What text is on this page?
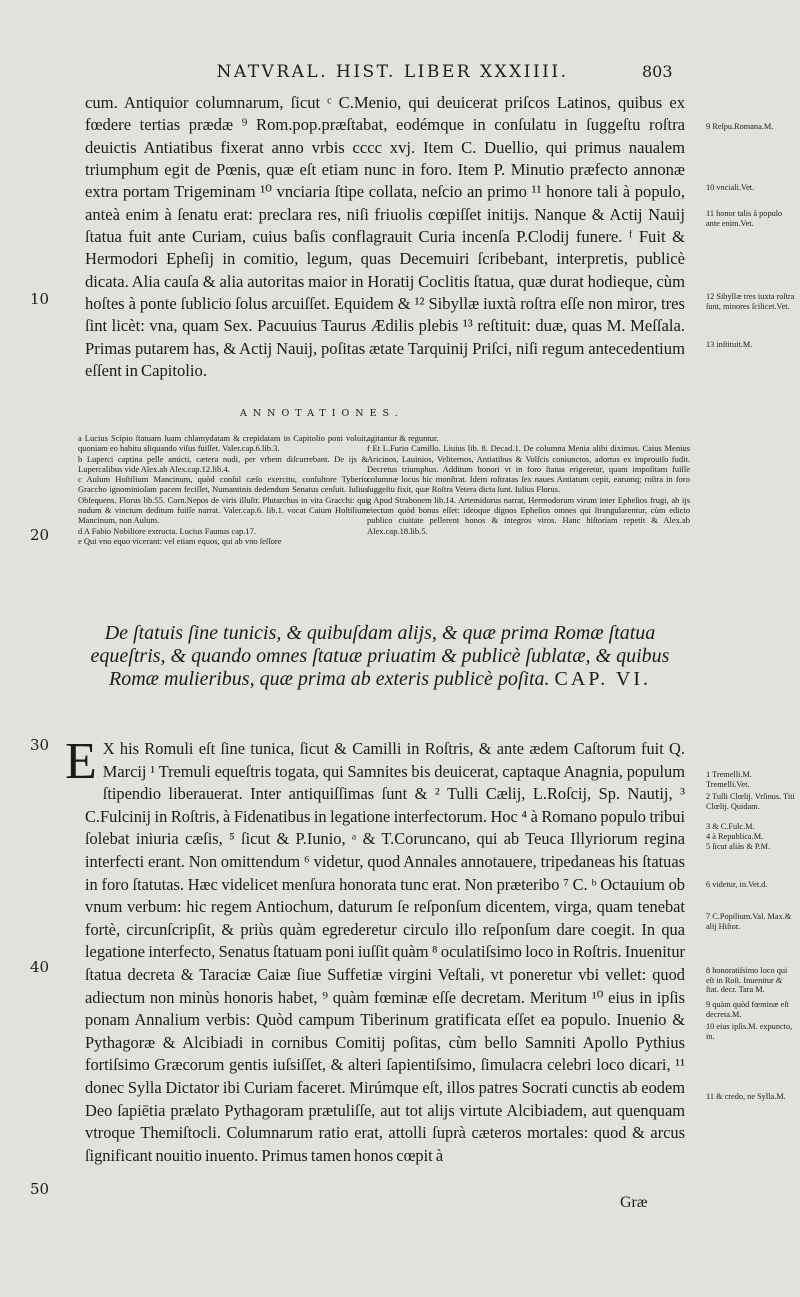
NATVRAL. HIST. LIBER XXXIIII.	803
cum. Antiquior columnarum, ſicut ᶜ C.Menio, qui deuicerat priſcos Latinos, quibus ex fœdere tertias prædæ ⁹ Rom.pop.præſtabat, eodémque in conſulatu in ſuggeſtu roſtra deuictis Antiatibus fixerat anno vrbis cccc xvj. Item C. Duellio, qui primus naualem triumphum egit de Pœnis, quæ eſt etiam nunc in foro. Item P. Minutio præfecto annonæ extra portam Trigeminam ¹⁰ vnciaria ſtipe collata, neſcio an primo ¹¹ honore tali à populo, anteà enim à ſenatu erat: preclara res, niſi friuolis cœpiſſet initijs. Nanque & Actij Nauij ſtatua fuit ante Curiam, cuius baſis conflagrauit Curia incenſa P.Clodij funere. ᶠ Fuit & Hermodori Epheſij in comitio, legum, quas Decemuiri ſcribebant, interpretis, publicè dicata. Alia cauſa & alia autoritas maior in Horatij Coclitis ſtatua, quæ durat hodieque, cùm hoſtes à ponte ſublicio ſolus arcuiſſet. Equidem & ¹² Sibyllæ iuxtà roſtra eſſe non miror, tres ſint licèt: vna, quam Sex. Pacuuius Taurus Ædilis plebis ¹³ reſtituit: duæ, quas M. Meſſala. Primas putarem has, & Actij Nauij, poſitas ætate Tarquinij Priſci, niſi regum antecedentium eſſent in Capitolio.
ANNOTATIONES.

a Lucius Scipio ſtatuam ſuam chlamydatam & crepidatam in Capitolio poni voluit, quoniam eo habitu aliquando viſus fuiſſet. Valer.cap.6.lib.3.

b Luperci captina pelle amicti, cætera nudi, per vrbem diſcurrebant. De ijs & Lupercalibus vide Alex.ab Alex.cap.12.lib.4.

c Aulum Hoſtilium Mancinum, quòd conſul cæſo exercitu, conſultore Tyberio Graccho ignominioſam pacem feciſſet, Numantinis dedendum Senatus cenſuit. Iulius Obſequens. Florus lib.55. Corn.Nepos de viris illuſtr. Plutarchus in vita Gracchi: qui nudum & vinctum deditum fuiſſe narrat. Valer.cap.6. lib.1. vocat Caium Hoſtilium Mancinum, non Aulum.

d A Fabio Nobiliore extructa. Lucius Faunus cap.17.

e Qui vno equo vicerant: vel etiam equos, qui ab vno ſeſſore

agitantur & reguntur.

f Et L.Furio Camillo. Liuius lib. 8. Decad.1. De columna Menia alibi diximus. Caius Menius Aricinos, Lauinios, Veliternos, Antiatibus & Volſcis coniunctos, adortus ex improuiſo fudit. Decretus triumphus. Additum honori vt in foro ſtatua erigeretur, quam impoſitam fuiſſe columnæ locus hic monſtrat. Idem roſtratas ſex naues Antiatum cepit, earumq; roſtra in foro ſuggeſtu fixit, quæ Roſtra Vetera dicta ſunt. Iulius Florus.

g Apud Strabonem lib.14. Artemidorus narrat, Hermodorum virum inter Epheſios frugi, ab ijs eiectum quòd bonus eſſet: ideoque dignos Epheſios omnes qui ſtrangularentur, cùm edicto publico ciuitate pellerent bonos & integros viros. Hanc hiſtoriam repetit & Alex.ab Alex.cap.18.lib.5.

De ſtatuis ſine tunicis, & quibuſdam alijs, & quæ prima Romæ ſtatua equeſtris, & quando omnes ſtatuæ priuatim & publicè ſublatæ, & quibus Romæ mulieribus, quæ prima ab exteris publicè poſita. CAP. VI.
E X his Romuli eſt ſine tunica, ſicut & Camilli in Roſtris, & ante ædem Caſtorum fuit Q. Marcij ¹ Tremuli equeſtris togata, qui Samnites bis deuicerat, captaque Anagnia, populum ſtipendio liberauerat. Inter antiquiſſimas ſunt & ² Tulli Cælij, L.Roſcij, Sp. Nautij, ³ C.Fulcinij in Roſtris, à Fidenatibus in legatione interfectorum. Hoc ⁴ à Romano populo tribui ſolebat iniuria cæſis, ⁵ ſicut & P.Iunio, ᵃ & T.Coruncano, qui ab Teuca Illyriorum regina interfecti erant. Non omittendum ⁶ videtur, quod Annales annotauere, tripedaneas his ſtatuas in foro ſtatutas. Hæc videlicet menſura honorata tunc erat. Non præteribo ⁷ C. ᵇ Octauium ob vnum verbum: hic regem Antiochum, daturum ſe reſponſum dicentem, virga, quam tenebat fortè, circunſcripſit, & priùs quàm egrederetur circulo illo reſponſum dare coegit. In qua legatione interfecto, Senatus ſtatuam poni iuſſit quàm ⁸ oculatiſsimo loco in Roſtris. Inuenitur ſtatua decreta & Taraciæ Caiæ ſiue Suffetiæ virgini Veſtali, vt poneretur vbi vellet: quod adiectum non minùs honoris habet, ⁹ quàm fœminæ eſſe decretam. Meritum ¹⁰ eius in ipſis ponam Annalium verbis: Quòd campum Tiberinum gratificata eſſet ea populo. Inuenio & Pythagoræ & Alcibiadi in cornibus Comitij poſitas, cùm bello Samniti Apollo Pythius fortiſsimo Græcorum gentis iuſsiſſet, & alteri ſapientiſsimo, ſimulacra celebri loco dicari, ¹¹ donec Sylla Dictator ibi Curiam faceret. Mirúmque eſt, illos patres Socrati cunctis ab eodem Deo ſapiētia prælato Pythagoram prætuliſſe, aut tot alijs virtute Alcibiadem, aut quenquam vtroque Themiſtocli. Columnarum ratio erat, attolli ſuprà cæteros mortales: quod & arcus ſignificant nouitio inuento. Primus tamen honos cœpit à
10
20
30
40
50
9 Reſpu.Romana.M.
10 vnciali.Vet.
11 honor talis à populo ante enim.Vet.
12 Sibyllæ tres iuxta roſtra ſunt, minores ſcilicet.Vet.
13 inſtituit.M.
1 Tremelli.M. Tremelli.Vet.
2 Tulli Clœlij. Vrſinus. Titi Clœlij. Quidam.
3 & C.Fulc.M.
4 à Republica.M.
5 ſicut aliàs & P.M.
6 videtur, in.Vet.d.
7 C.Popilium.Val. Max.& alij Hiſtor.
8 honoratiſsimo loco qui eſt in Roſt. Inuenitur & ſtat. decr. Tara M.
9 quàm quòd fœminæ eſt decreta.M.
10 eius ipſis.M. expuncto, in.
11 & credo, ne Sylla.M.
Græ
